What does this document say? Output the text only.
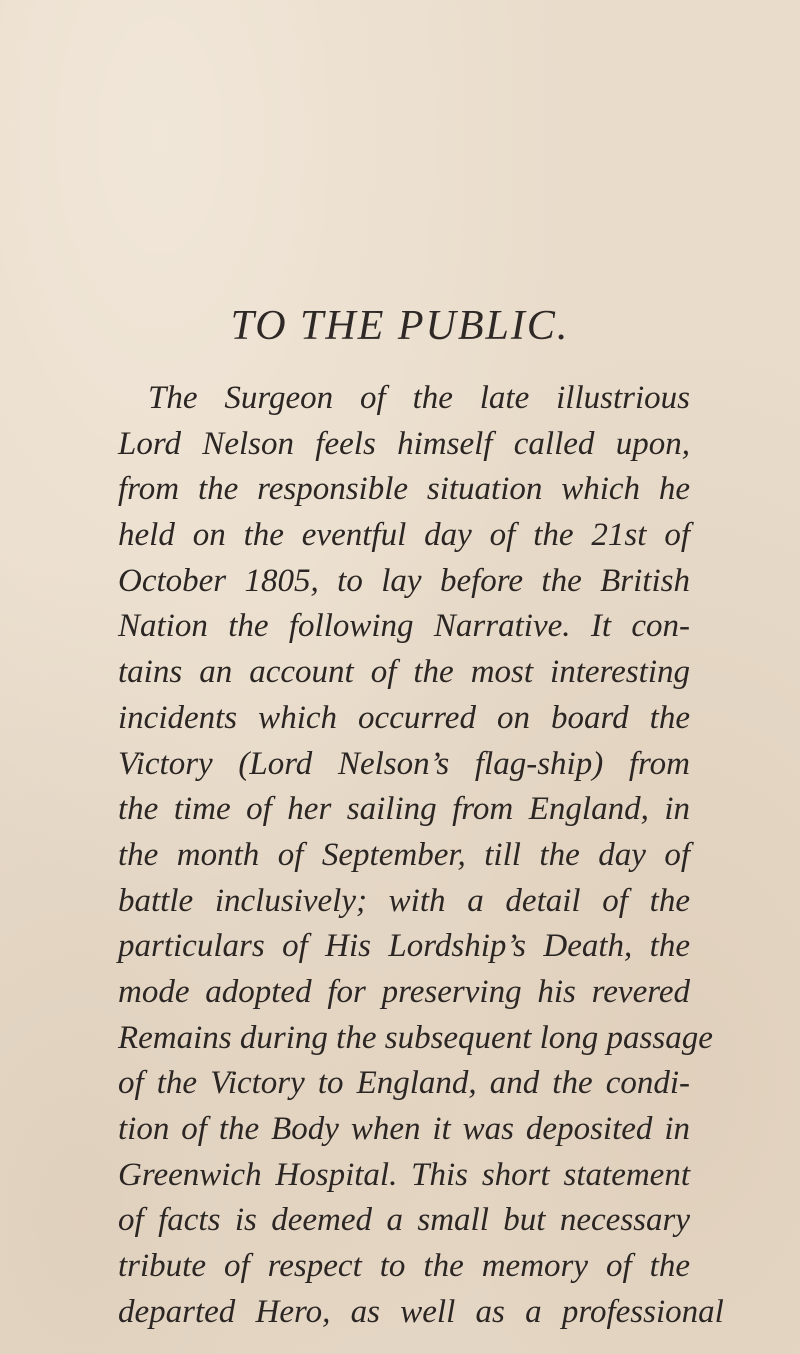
TO THE PUBLIC.
The Surgeon of the late illustrious
Lord Nelson feels himself called upon,
from the responsible situation which he
held on the eventful day of the 21st of
October 1805, to lay before the British
Nation the following Narrative. It con-
tains an account of the most interesting
incidents which occurred on board the
Victory (Lord Nelson’s flag-ship) from
the time of her sailing from England, in
the month of September, till the day of
battle inclusively; with a detail of the
particulars of His Lordship’s Death, the
mode adopted for preserving his revered
Remains during the subsequent long passage
of the Victory to England, and the condi-
tion of the Body when it was deposited in
Greenwich Hospital. This short statement
of facts is deemed a small but necessary
tribute of respect to the memory of the
departed Hero, as well as a professional
